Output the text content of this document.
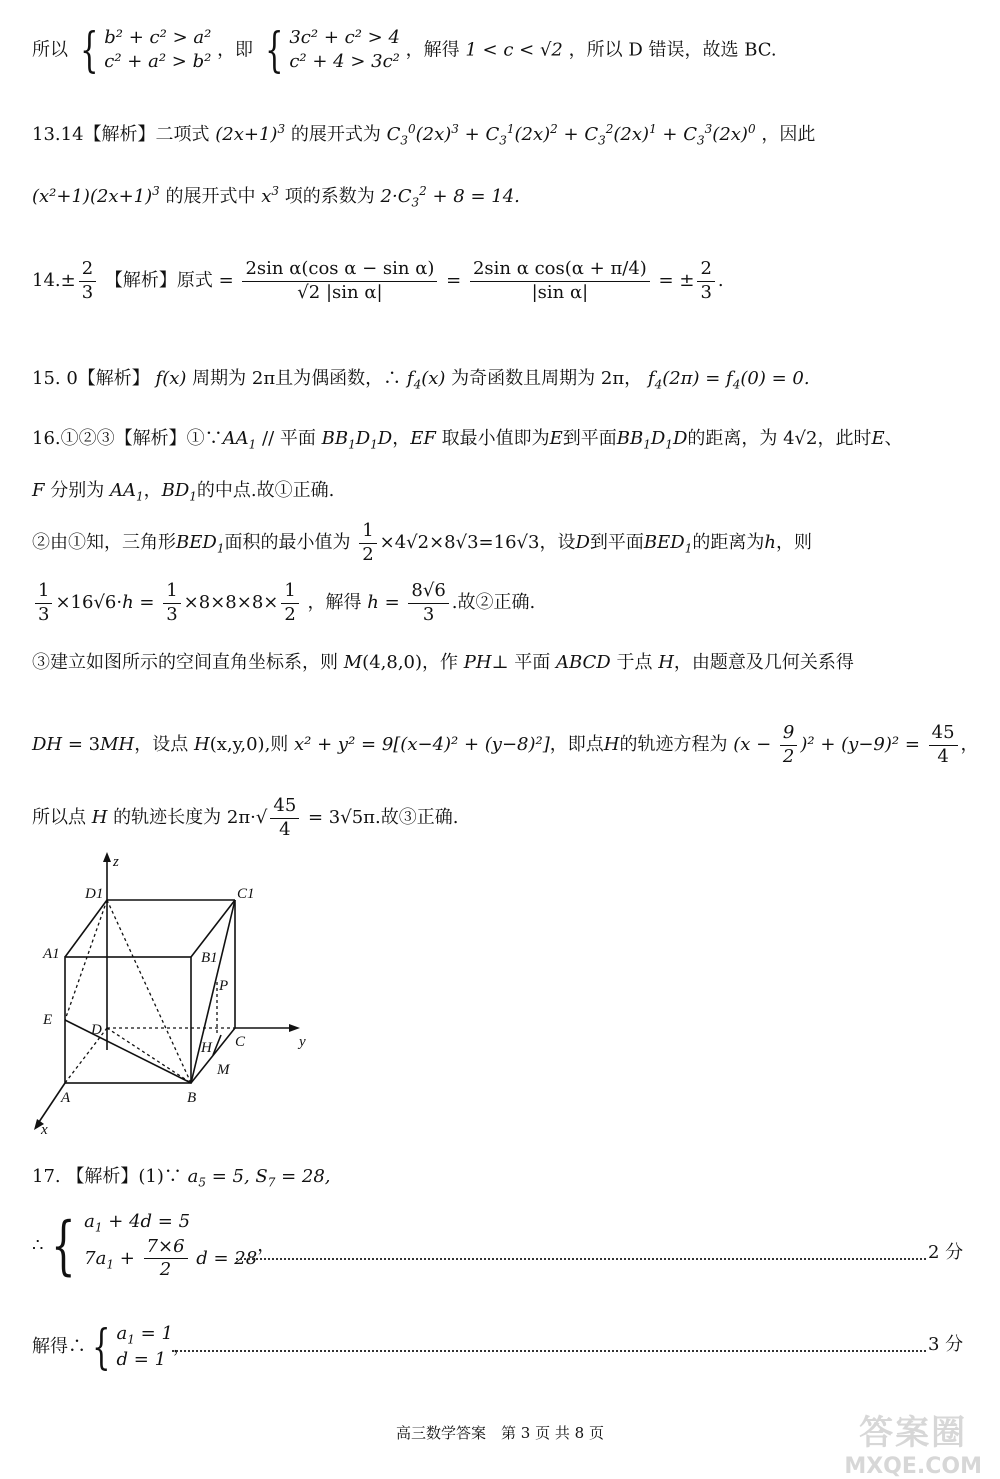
所以 { b² + c² > a²
c² + a² > b²
，即 { 3c² + c² > 4
c² + 4 > 3c²
，解得 1 < c < √2 ，所以 D 错误，故选 BC.
13.14【解析】二项式 $(2x+1)^3$ 的展开式为 $C_3^0(2x)^3 + C_3^1(2x)^2 + C_3^2(2x)^1 + C_3^3(2x)^0$ ，因此
$(x^2+1)(2x+1)^3$ 的展开式中 $x^3$ 项的系数为 $2\cdot C_3^2 + 8 = 14$.
$14.\pm \frac{2}{3}$ 【解析】原式 = $\frac{\text{2sin α(cos α − sin α)}}{\text{√2 |sin α|}} = \frac{\text{2sin α cos(α + π/4)}}{\text{|sin α|}}$ = ± $\frac{2}{3}$ .
15. 0【解析】 f(x) 周期为 2π且为偶函数，∴ $f_4(x)$ 为奇函数且周期为 2π， $f_4(2\pi) = f_4(0) = 0$.
16.①②③【解析】$①\because AA_1$ // 平面 $BB_1D_1D$，EF 取最小值即为E到平面$BB_1D_1D$的距离，为 4√2，此时E、
F 分别为 $AA_1$，$BD_1$的中点.故①正确.
②由①知，三角形$BED_1$面积的最小值为 $\frac{1}{2} \times 4√2\times 8√3=16√3$，设D到平面$BED_1$的距离为h，则
$\frac{1}{3} \times 16√6\cdot h = \frac{1}{3} \times 8\times 8\times 8\times \frac{1}{2}$ ，解得 $h = \frac{8√6}{3}$ .故②正确.
③建立如图所示的空间直角坐标系，则 M(4,8,0)，作 PH⊥ 平面 ABCD 于点 H，由题意及几何关系得
DH = 3MH，设点 H(x,y,0),则 x² + y² = 9[(x−4)² + (y−8)²]，即点H的轨迹方程为 $(x - \frac{9}{2} )^2 + (y-9)^2 = \frac{45}{4}$ ，
所以点 H 的轨迹长度为 $2\pi\cdot√ \frac{45}{4} = 3√5\pi$.故③正确.
z
D1	C1
A1	B1
P
E
D
H C	y
M
A	B
x
17. 【解析】(1)∵ $a_5 = 5$, $S_7 = 28$,
∴ { $a_1 + 4d = 5$
$7a_1 + \frac{7\times 6}{2}$ d = 28
，	2 分
解得∴ { $a_1 = 1$
d = 1
，	3 分
高三数学答案　第 3 页 共 8 页	答案圈
MXQE.COM
